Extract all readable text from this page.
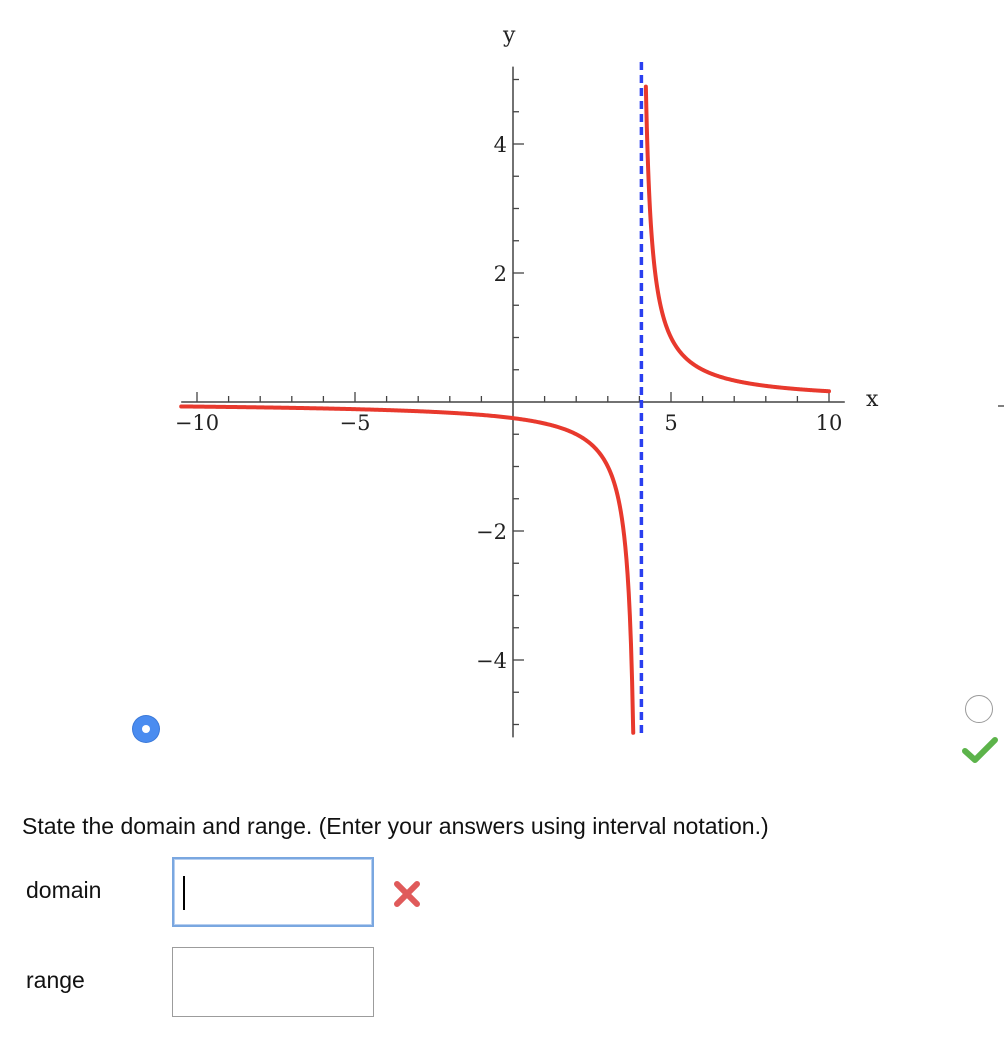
−10	−5	5	10
4
2
−2
−4
x
y
State the domain and range. (Enter your answers using interval notation.)
domain
range
